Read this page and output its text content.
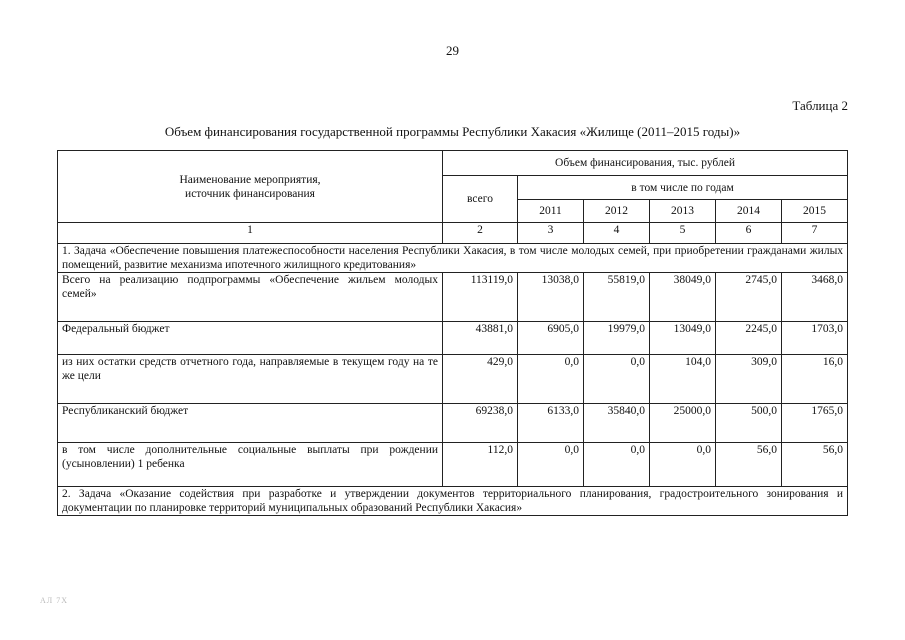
29
Таблица 2
Объем финансирования государственной программы Республики Хакасия «Жилище (2011–2015 годы)»
Наименование мероприятия,
источник финансирования	Объем финансирования, тыс. рублей					
	всего	в том числе по годам				
		2011	2012	2013	2014	2015
1	2	3	4	5	6	7
1. Задача «Обеспечение повышения платежеспособности населения Республики Хакасия, в том числе молодых семей, при приобретении гражданами жилых помещений, развитие механизма ипотечного жилищного кредитования»						
Всего на реализацию подпрограммы «Обеспечение жильем молодых семей»	113119,0	13038,0	55819,0	38049,0	2745,0	3468,0
Федеральный бюджет	43881,0	6905,0	19979,0	13049,0	2245,0	1703,0
из них остатки средств отчетного года, направляемые в текущем году на те же цели	429,0	0,0	0,0	104,0	309,0	16,0
Республиканский бюджет	69238,0	6133,0	35840,0	25000,0	500,0	1765,0
в том числе дополнительные социальные выплаты при рождении (усыновлении) 1 ребенка	112,0	0,0	0,0	0,0	56,0	56,0
2. Задача «Оказание содействия при разработке и утверждении документов территориального планирования, градостроительного зонирования и документации по планировке территорий муниципальных образований Республики Хакасия»						
АЛ 7Х
